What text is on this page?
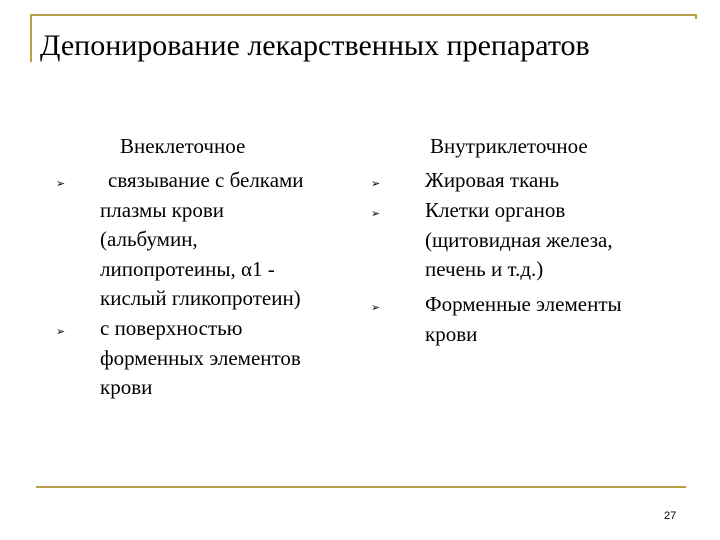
Депонирование лекарственных препаратов
Внеклеточное
➢ связывание с белками
плазмы крови
(альбумин,
липопротеины, α1 -
кислый гликопротеин)
➢ с поверхностью
форменных элементов
крови
Внутриклеточное
➢ Жировая ткань
➢ Клетки органов
(щитовидная железа,
печень и т.д.)
➢ Форменные элементы
крови
27
